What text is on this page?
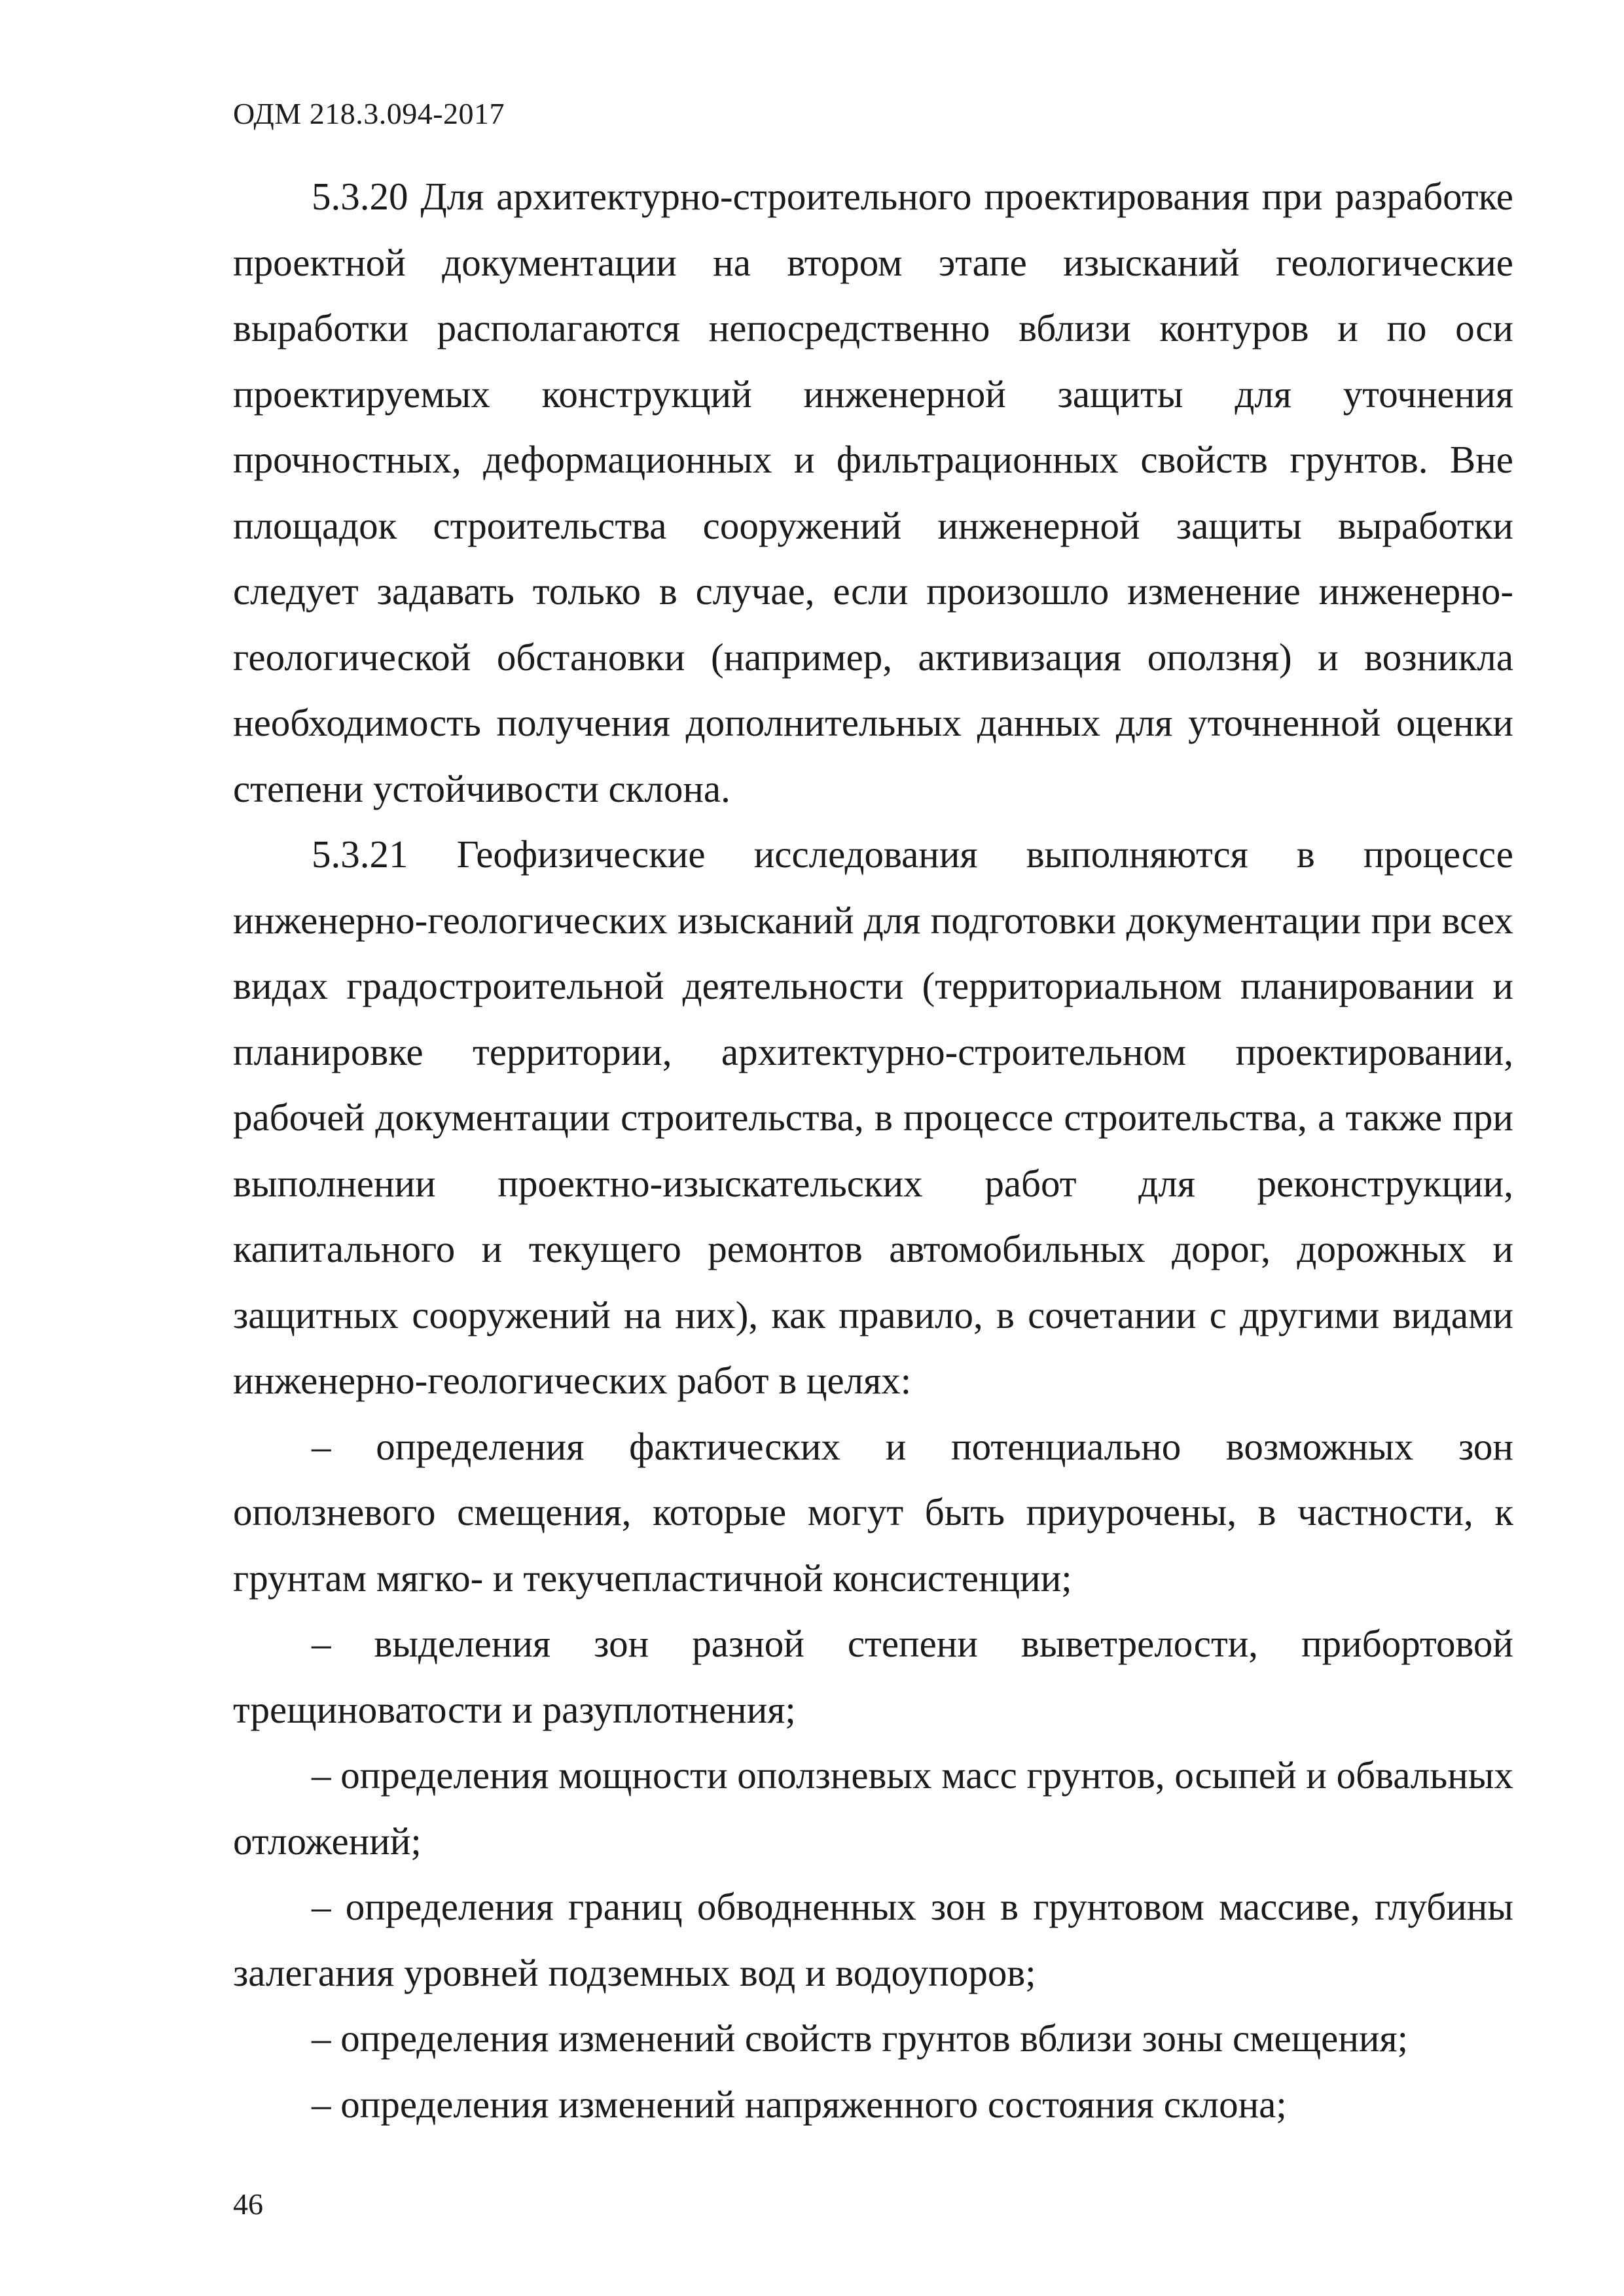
ОДМ 218.3.094-2017

5.3.20 Для архитектурно-строительного проектирования при разработке проектной документации на втором этапе изысканий геологические выработки располагаются непосредственно вблизи контуров и по оси проектируемых конструкций инженерной защиты для уточнения прочностных, деформационных и фильтрационных свойств грунтов. Вне площадок строительства сооружений инженерной защиты выработки следует задавать только в случае, если произошло изменение инженерно-геологической обстановки (например, активизация оползня) и возникла необходимость получения дополнительных данных для уточненной оценки степени устойчивости склона.

5.3.21 Геофизические исследования выполняются в процессе инженерно-геологических изысканий для подготовки документации при всех видах градостроительной деятельности (территориальном планировании и планировке территории, архитектурно-строительном проектировании, рабочей документации строительства, в процессе строительства, а также при выполнении проектно-изыскательских работ для реконструкции, капитального и текущего ремонтов автомобильных дорог, дорожных и защитных сооружений на них), как правило, в сочетании с другими видами инженерно-геологических работ в целях:

– определения фактических и потенциально возможных зон оползневого смещения, которые могут быть приурочены, в частности, к грунтам мягко- и текучепластичной консистенции;

– выделения зон разной степени выветрелости, прибортовой трещиноватости и разуплотнения;

– определения мощности оползневых масс грунтов, осыпей и обвальных отложений;

– определения границ обводненных зон в грунтовом массиве, глубины залегания уровней подземных вод и водоупоров;

– определения изменений свойств грунтов вблизи зоны смещения;

– определения изменений напряженного состояния склона;

46
